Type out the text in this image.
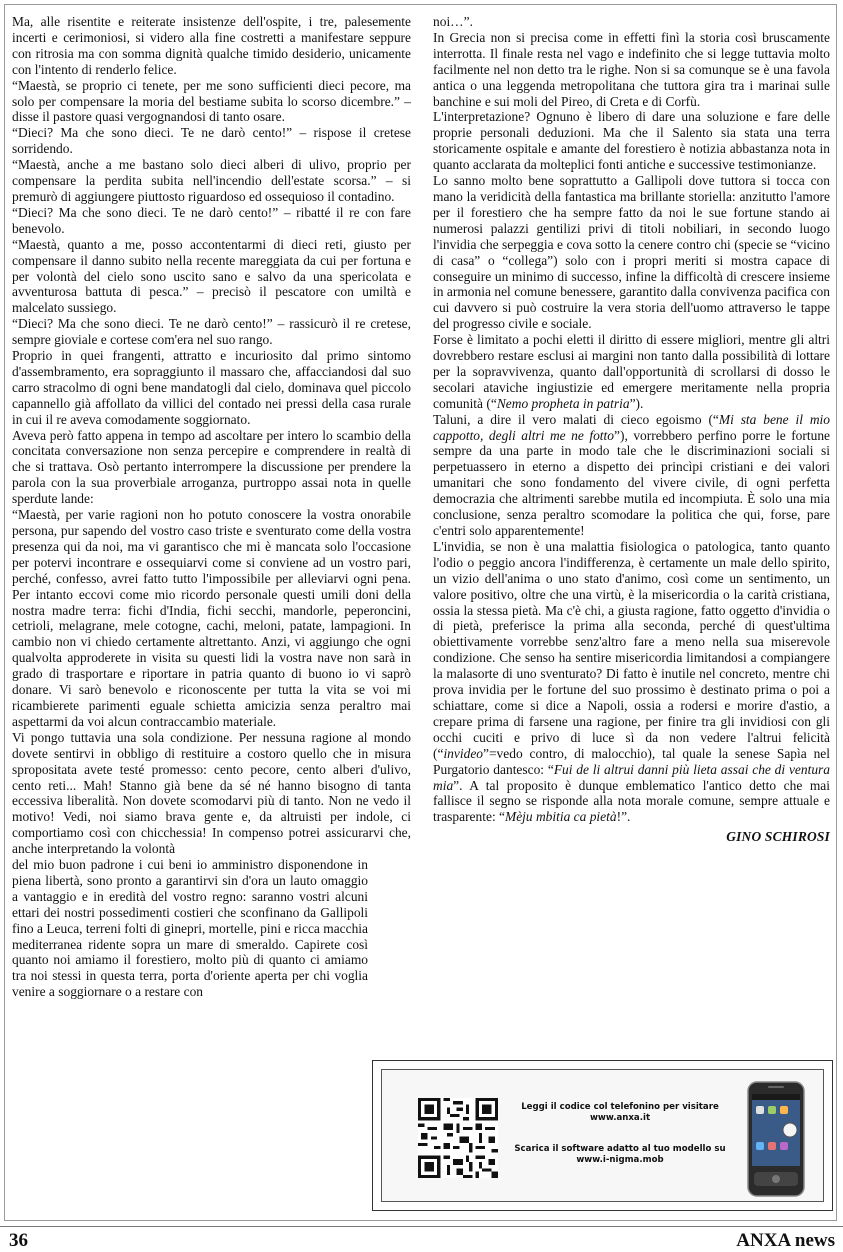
Ma, alle risentite e reiterate insistenze dell'ospite, i tre, palesemente incerti e cerimoniosi, si videro alla fine costretti a manifestare seppure con ritrosia ma con somma dignità qualche timido desiderio, unicamente con l'intento di renderlo felice.

“Maestà, se proprio ci tenete, per me sono sufficienti dieci pecore, ma solo per compensare la moria del bestiame subita lo scorso dicembre.” – disse il pastore quasi vergognandosi di tanto osare.

“Dieci? Ma che sono dieci. Te ne darò cento!” – rispose il cretese sorridendo.

“Maestà, anche a me bastano solo dieci alberi di ulivo, proprio per compensare la perdita subita nell'incendio dell'estate scorsa.” – si premurò di aggiungere piuttosto riguardoso ed ossequioso il contadino.

“Dieci? Ma che sono dieci. Te ne darò cento!” – ribatté il re con fare benevolo.

“Maestà, quanto a me, posso accontentarmi di dieci reti, giusto per compensare il danno subito nella recente mareggiata da cui per fortuna e per volontà del cielo sono uscito sano e salvo da una spericolata e avventurosa battuta di pesca.” – precisò il pescatore con umiltà e malcelato sussiego.

“Dieci? Ma che sono dieci. Te ne darò cento!” – rassicurò il re cretese, sempre gioviale e cortese com'era nel suo rango.

Proprio in quei frangenti, attratto e incuriosito dal primo sintomo d'assembramento, era sopraggiunto il massaro che, affacciandosi dal suo carro stracolmo di ogni bene mandatogli dal cielo, dominava quel piccolo capannello già affollato da villici del contado nei pressi della casa rurale in cui il re aveva comodamente soggiornato.

Aveva però fatto appena in tempo ad ascoltare per intero lo scambio della concitata conversazione non senza percepire e comprendere in realtà di che si trattava. Osò pertanto interrompere la discussione per prendere la parola con la sua proverbiale arroganza, purtroppo assai nota in quelle sperdute lande:

“Maestà, per varie ragioni non ho potuto conoscere la vostra onorabile persona, pur sapendo del vostro caso triste e sventurato come della vostra presenza qui da noi, ma vi garantisco che mi è mancata solo l'occasione per potervi incontrare e ossequiarvi come si conviene ad un vostro pari, perché, confesso, avrei fatto tutto l'impossibile per alleviarvi ogni pena. Per intanto eccovi come mio ricordo personale questi umili doni della nostra madre terra: fichi d'India, fichi secchi, mandorle, peperoncini, cetrioli, melagrane, mele cotogne, cachi, meloni, patate, lampagioni. In cambio non vi chiedo certamente altrettanto. Anzi, vi aggiungo che ogni qualvolta approderete in visita su questi lidi la vostra nave non sarà in grado di trasportare e riportare in patria quanto di buono io vi saprò donare. Vi sarò benevolo e riconoscente per tutta la vita se voi mi ricambierete parimenti eguale schietta amicizia senza peraltro mai aspettarmi da voi alcun contraccambio materiale.

Vi pongo tuttavia una sola condizione. Per nessuna ragione al mondo dovete sentirvi in obbligo di restituire a costoro quello che in misura spropositata avete testé promesso: cento pecore, cento alberi d'ulivo, cento reti... Mah! Stanno già bene da sé né hanno bisogno di tanta eccessiva liberalità. Non dovete scomodarvi più di tanto. Non ne vedo il motivo! Vedi, noi siamo brava gente e, da altruisti per indole, ci comportiamo così con chicchessia! In compenso potrei assicurarvi che, anche interpretando la volontà

del mio buon padrone i cui beni io amministro disponendone in piena libertà, sono pronto a garantirvi sin d'ora un lauto omaggio a vantaggio e in eredità del vostro regno: saranno vostri alcuni ettari dei nostri possedimenti costieri che sconfinano da Gallipoli fino a Leuca, terreni folti di ginepri, mortelle, pini e ricca macchia mediterranea ridente sopra un mare di smeraldo. Capirete così quanto noi amiamo il forestiero, molto più di quanto ci amiamo tra noi stessi in questa terra, porta d'oriente aperta per chi voglia venire a soggiornare o a restare con

noi…”.

In Grecia non si precisa come in effetti finì la storia così bruscamente interrotta. Il finale resta nel vago e indefinito che si legge tuttavia molto facilmente nel non detto tra le righe. Non si sa comunque se è una favola antica o una leggenda metropolitana che tuttora gira tra i marinai sulle banchine e sui moli del Pireo, di Creta e di Corfù.

L'interpretazione? Ognuno è libero di dare una soluzione e fare delle proprie personali deduzioni. Ma che il Salento sia stata una terra storicamente ospitale e amante del forestiero è notizia abbastanza nota in quanto acclarata da molteplici fonti antiche e successive testimonianze.

Lo sanno molto bene soprattutto a Gallipoli dove tuttora si tocca con mano la veridicità della fantastica ma brillante storiella: anzitutto l'amore per il forestiero che ha sempre fatto da noi le sue fortune stando ai numerosi palazzi gentilizi privi di titoli nobiliari, in secondo luogo l'invidia che serpeggia e cova sotto la cenere contro chi (specie se “vicino di casa” o “collega”) solo con i propri meriti si mostra capace di conseguire un minimo di successo, infine la difficoltà di crescere insieme in armonia nel comune benessere, garantito dalla convivenza pacifica con cui davvero si può costruire la vera storia dell'uomo attraverso le tappe del progresso civile e sociale.

Forse è limitato a pochi eletti il diritto di essere migliori, mentre gli altri dovrebbero restare esclusi ai margini non tanto dalla possibilità di lottare per la sopravvivenza, quanto dall'opportunità di scrollarsi di dosso le secolari ataviche ingiustizie ed emergere meritamente nella propria comunità (“Nemo propheta in patria”).

Taluni, a dire il vero malati di cieco egoismo (“Mi sta bene il mio cappotto, degli altri me ne fotto”), vorrebbero perfino porre le fortune sempre da una parte in modo tale che le discriminazioni sociali si perpetuassero in eterno a dispetto dei princìpi cristiani e dei valori umanitari che sono fondamento del vivere civile, di ogni perfetta democrazia che altrimenti sarebbe mutila ed incompiuta. È solo una mia conclusione, senza peraltro scomodare la politica che qui, forse, pare c'entri solo apparentemente!

L'invidia, se non è una malattia fisiologica o patologica, tanto quanto l'odio o peggio ancora l'indifferenza, è certamente un male dello spirito, un vizio dell'anima o uno stato d'animo, così come un sentimento, un valore positivo, oltre che una virtù, è la misericordia o la carità cristiana, ossia la stessa pietà. Ma c'è chi, a giusta ragione, fatto oggetto d'invidia o di pietà, preferisce la prima alla seconda, perché di quest'ultima obiettivamente vorrebbe senz'altro fare a meno nella sua miserevole condizione. Che senso ha sentire misericordia limitandosi a compiangere la malasorte di uno sventurato? Di fatto è inutile nel concreto, mentre chi prova invidia per le fortune del suo prossimo è destinato prima o poi a schiattare, come si dice a Napoli, ossia a rodersi e morire d'astio, a crepare prima di farsene una ragione, per finire tra gli invidiosi con gli occhi cuciti e privo di luce sì da non vedere l'altrui felicità (“invideo”=vedo contro, di malocchio), tal quale la senese Sapìa nel Purgatorio dantesco: “Fui de li altrui danni più lieta assai che di ventura mia”. A tal proposito è dunque emblematico l'antico detto che mai fallisce il segno se risponde alla nota morale comune, sempre attuale e trasparente: “Mèju mbitia ca pietà!”.

GINO SCHIROSI

Leggi il codice col telefonino per visitare
www.anxa.it
Scarica il software adatto al tuo modello su
www.i-nigma.mob
36	ANXA news
